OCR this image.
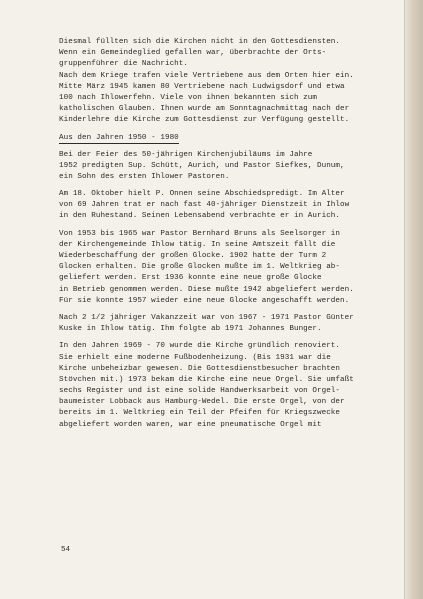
Diesmal füllten sich die Kirchen nicht in den Gottesdiensten.
Wenn ein Gemeindeglied gefallen war, überbrachte der Orts-
gruppenführer die Nachricht.
Nach dem Kriege trafen viele Vertriebene aus dem Orten hier ein.
Mitte März 1945 kamen 80 Vertriebene nach Ludwigsdorf und etwa
100 nach Ihlowerfehn. Viele von ihnen bekannten sich zum
katholischen Glauben. Ihnen wurde am Sonntagnachmittag nach der
Kinderlehre die Kirche zum Gottesdienst zur Verfügung gestellt.
Aus den Jahren 1950 - 1980
Bei der Feier des 50-jährigen Kirchenjubiläums im Jahre
1952 predigten Sup. Schütt, Aurich, und Pastor Siefkes, Dunum,
ein Sohn des ersten Ihlower Pastoren.
Am 18. Oktober hielt P. Onnen seine Abschiedspredigt. Im Alter
von 69 Jahren trat er nach fast 40-jähriger Dienstzeit in Ihlow
in den Ruhestand. Seinen Lebensabend verbrachte er in Aurich.
Von 1953 bis 1965 war Pastor Bernhard Bruns als Seelsorger in
der Kirchengemeinde Ihlow tätig. In seine Amtszeit fällt die
Wiederbeschaffung der großen Glocke. 1902 hatte der Turm 2
Glocken erhalten. Die große Glocken mußte im 1. Weltkrieg ab-
geliefert werden. Erst 1936 konnte eine neue große Glocke
in Betrieb genommen werden. Diese mußte 1942 abgeliefert werden.
Für sie konnte 1957 wieder eine neue Glocke angeschafft werden.
Nach 2 1/2 jähriger Vakanzzeit war von 1967 - 1971 Pastor Günter
Kuske in Ihlow tätig. Ihm folgte ab 1971 Johannes Bunger.
In den Jahren 1969 - 70 wurde die Kirche gründlich renoviert.
Sie erhielt eine moderne Fußbodenheizung. (Bis 1931 war die
Kirche unbeheizbar gewesen. Die Gottesdienstbesucher brachten
Stövchen mit.) 1973 bekam die Kirche eine neue Orgel. Sie umfaßt
sechs Register und ist eine solide Handwerksarbeit von Orgel-
baumeister Lobback aus Hamburg-Wedel. Die erste Orgel, von der
bereits im 1. Weltkrieg ein Teil der Pfeifen für Kriegszwecke
abgeliefert worden waren, war eine pneumatische Orgel mit
54
